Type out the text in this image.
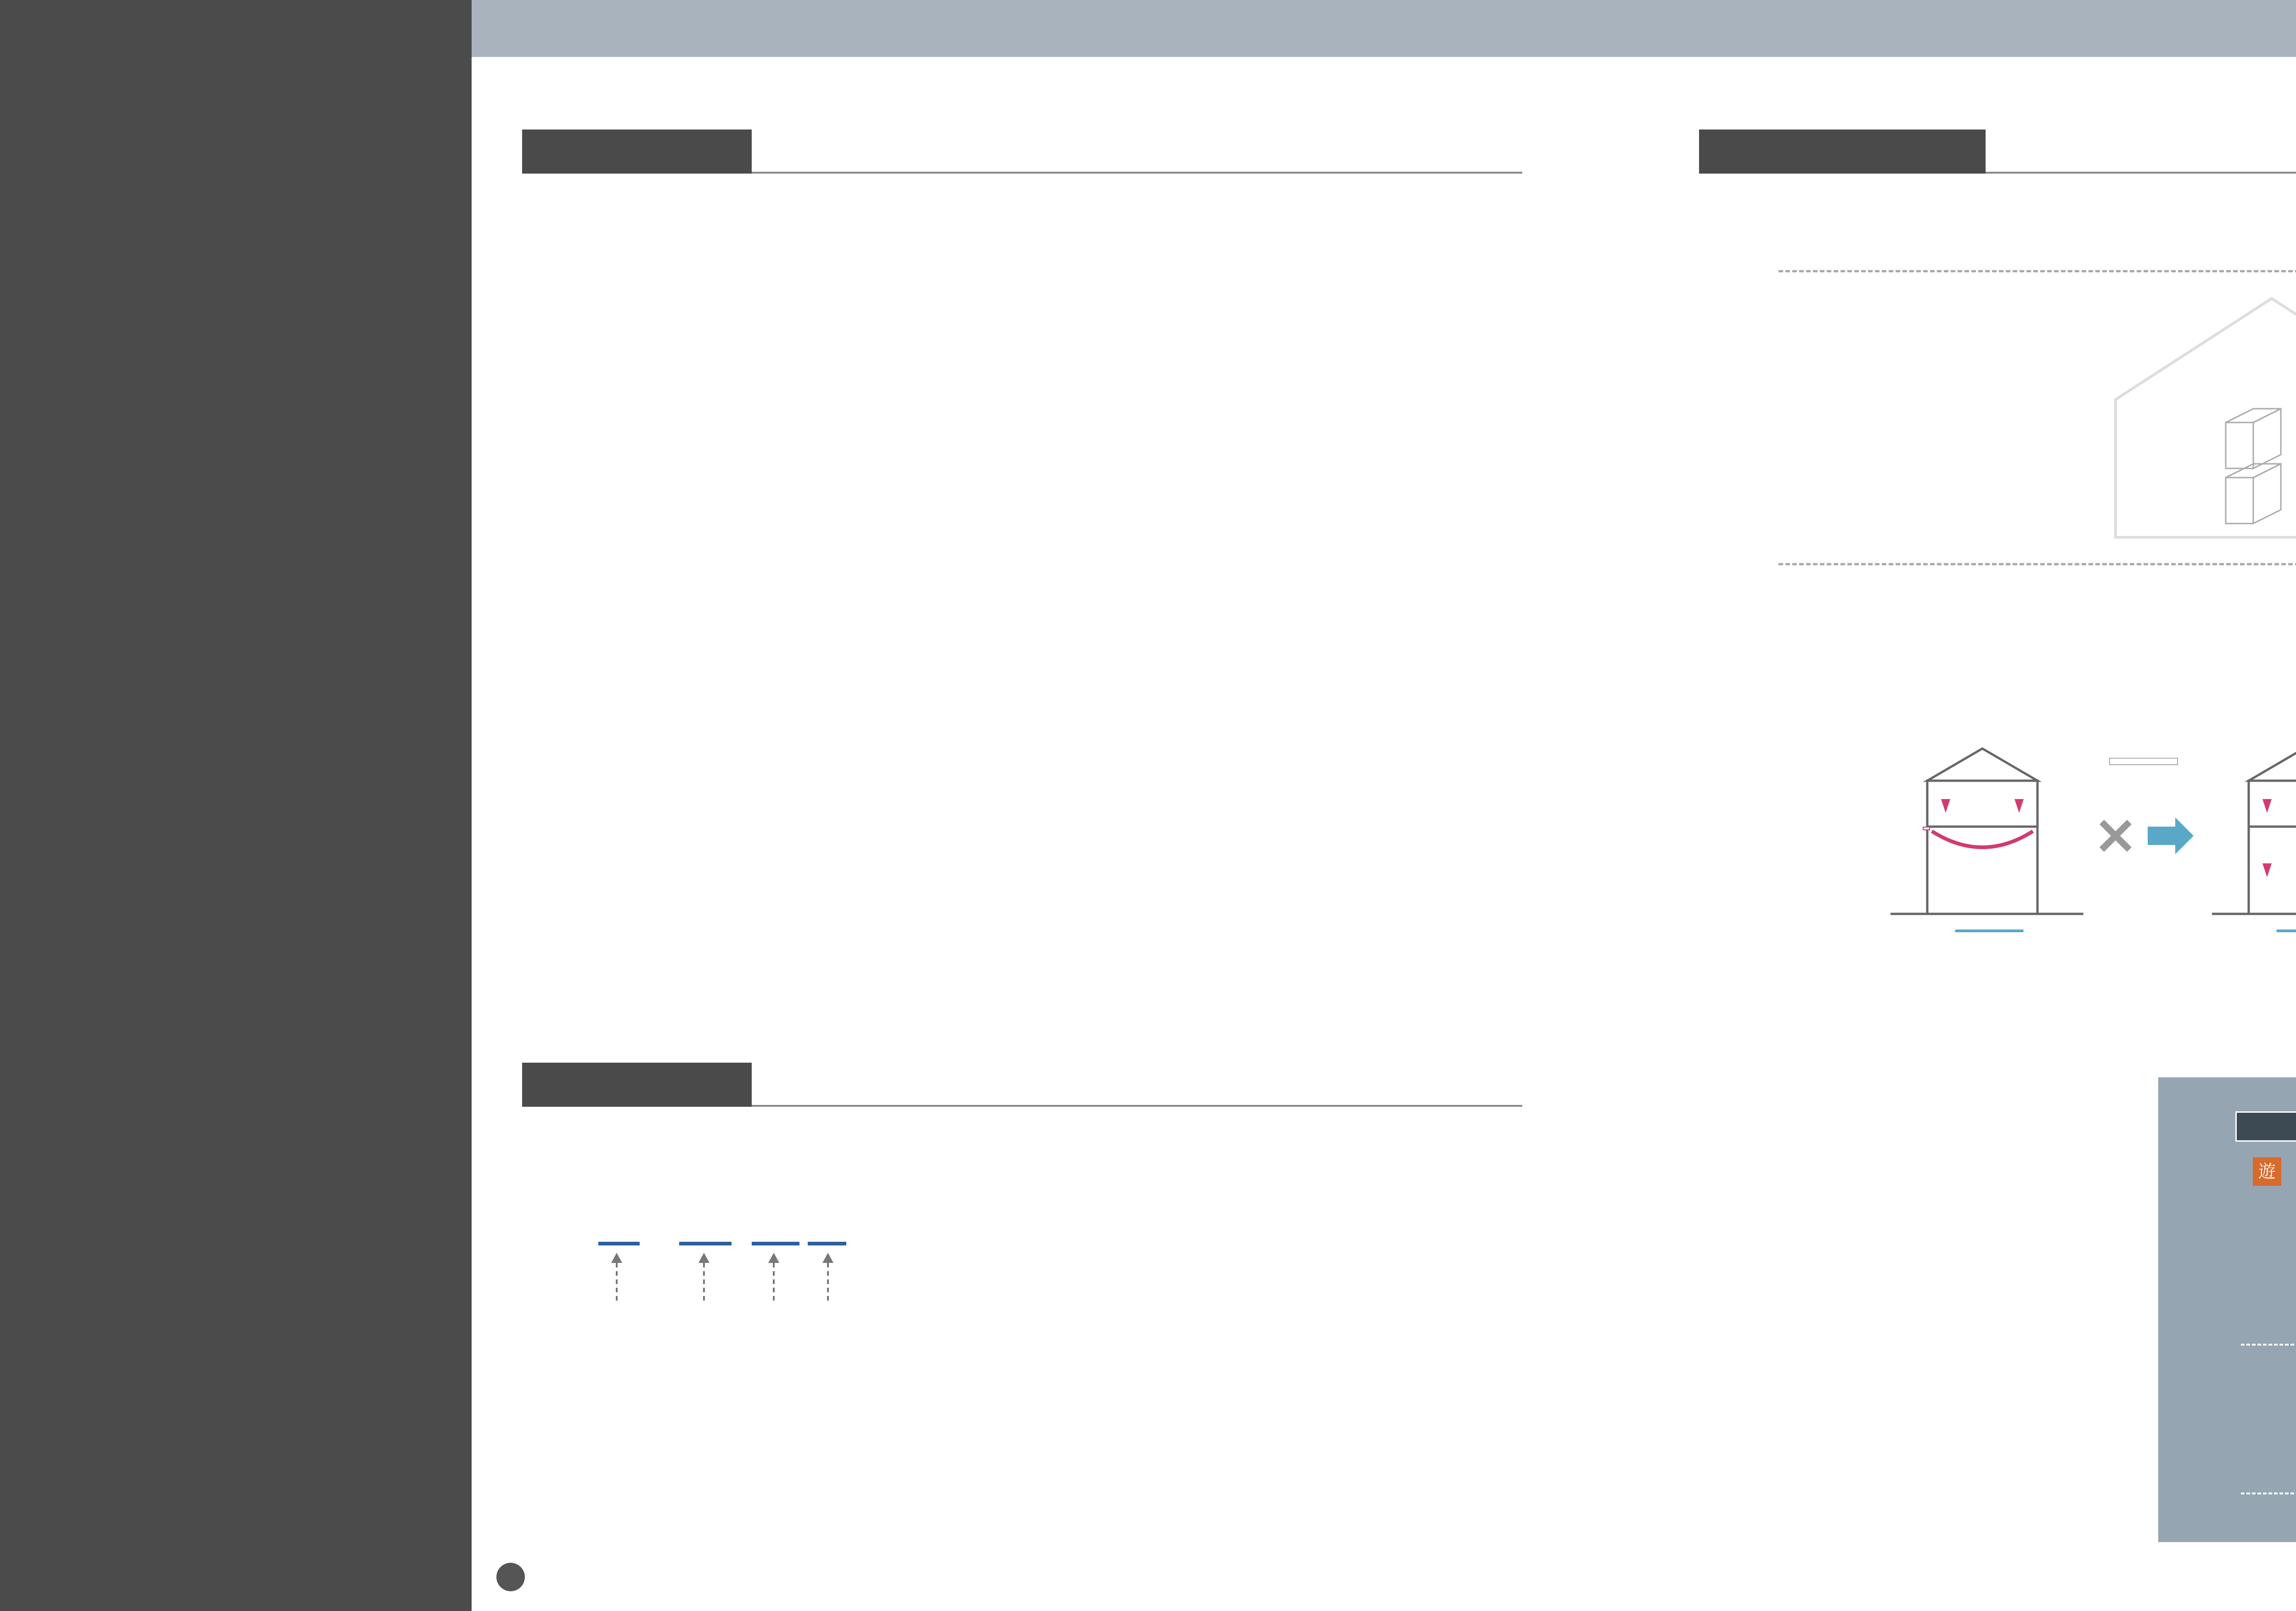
遊
